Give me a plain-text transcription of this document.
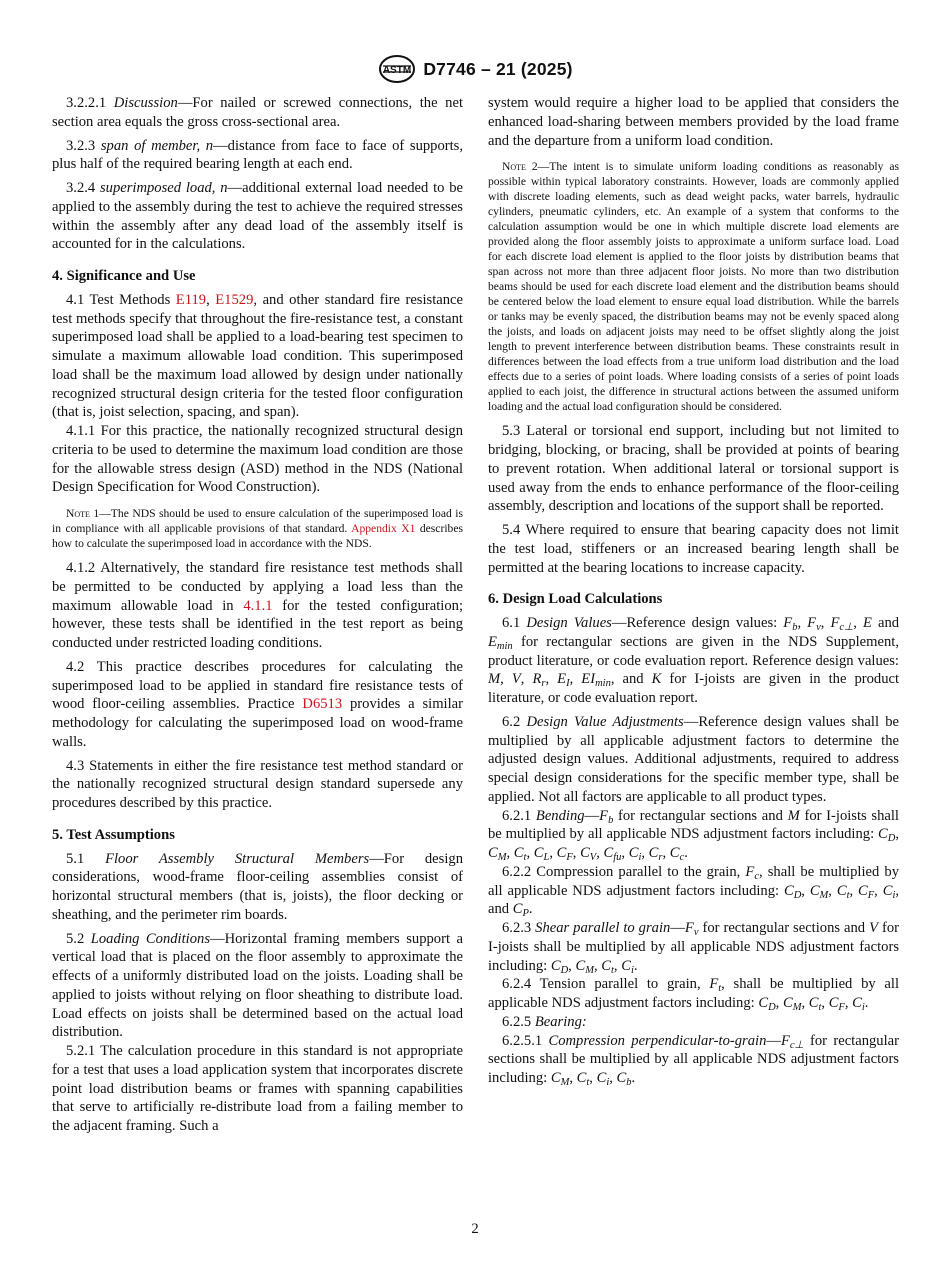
ASTM D7746 – 21 (2025)

3.2.2.1 Discussion—For nailed or screwed connections, the net section area equals the gross cross-sectional area.

3.2.3 span of member, n—distance from face to face of supports, plus half of the required bearing length at each end.

3.2.4 superimposed load, n—additional external load needed to be applied to the assembly during the test to achieve the required stresses within the assembly after any dead load of the assembly itself is accounted for in the calculations.

4. Significance and Use

4.1 Test Methods E119, E1529, and other standard fire resistance test methods specify that throughout the fire-resistance test, a constant superimposed load shall be applied to a load-bearing test specimen to simulate a maximum allowable load condition. This superimposed load shall be the maximum load allowed by design under nationally recognized structural design criteria for the tested floor configuration (that is, joist selection, spacing, and span).

4.1.1 For this practice, the nationally recognized structural design criteria to be used to determine the maximum load condition are those for the allowable stress design (ASD) method in the NDS (National Design Specification for Wood Construction).

Note 1—The NDS should be used to ensure calculation of the superimposed load is in compliance with all applicable provisions of that standard. Appendix X1 describes how to calculate the superimposed load in accordance with the NDS.

4.1.2 Alternatively, the standard fire resistance test methods shall be permitted to be conducted by applying a load less than the maximum allowable load in 4.1.1 for the tested configuration; however, these tests shall be identified in the test report as being conducted under restricted loading conditions.

4.2 This practice describes procedures for calculating the superimposed load to be applied in standard fire resistance tests of wood floor-ceiling assemblies. Practice D6513 provides a similar methodology for calculating the superimposed load on wood-frame walls.

4.3 Statements in either the fire resistance test method standard or the nationally recognized structural design standard supersede any procedures described by this practice.

5. Test Assumptions

5.1 Floor Assembly Structural Members—For design considerations, wood-frame floor-ceiling assemblies consist of horizontal structural members (that is, joists), the floor decking or sheathing, and the perimeter rim boards.

5.2 Loading Conditions—Horizontal framing members support a vertical load that is placed on the floor assembly to approximate the effects of a uniformly distributed load on the joists. Loading shall be applied to joists without relying on floor sheathing to distribute load. Load effects on joists shall be determined based on the actual load distribution.

5.2.1 The calculation procedure in this standard is not appropriate for a test that uses a load application system that incorporates discrete point load distribution beams or frames with spanning capabilities that serve to artificially re-distribute load from a failing member to the adjacent framing. Such a

system would require a higher load to be applied that considers the enhanced load-sharing between members provided by the load frame and the departure from a uniform load condition.

Note 2—The intent is to simulate uniform loading conditions as reasonably as possible within typical laboratory constraints. However, loads are commonly applied with discrete loading elements, such as dead weight packs, water barrels, hydraulic cylinders, pneumatic cylinders, etc. An example of a system that conforms to the calculation assumption would be one in which multiple discrete load elements are provided along the floor assembly joists to approximate a uniform surface load. Load for each discrete load element is applied to the floor joists by distribution beams that span across not more than three adjacent floor joists. No more than two distribution beams should be used for each discrete load element and the distribution beams should be centered below the load element to ensure equal load distribution. While the barrels or tanks may be evenly spaced, the distribution beams may not be evenly spaced along the joists, and loads on adjacent joists may need to be offset slightly along the joist length to prevent interference between distribution beams. These constraints result in differences between the load effects from a true uniform load distribution and the load effects due to a series of point loads. Where loading consists of a series of point loads applied to each joist, the difference in structural actions between the assumed uniform loading and the actual load configuration should be considered.

5.3 Lateral or torsional end support, including but not limited to bridging, blocking, or bracing, shall be provided at points of bearing to prevent rotation. When additional lateral or torsional support is used away from the ends to enhance performance of the floor-ceiling assembly, description and locations of the support shall be reported.

5.4 Where required to ensure that bearing capacity does not limit the test load, stiffeners or an increased bearing length shall be permitted at the bearing locations to increase capacity.

6. Design Load Calculations

6.1 Design Values—Reference design values: $F_b$, $F_v$, $F_{c\perp}$, E and $E_{min}$ for rectangular sections are given in the NDS Supplement, product literature, or code evaluation report. Reference design values: M, V, $R_r$, $E_I$, $EI_{min}$, and K for I-joists are given in the product literature, or code evaluation report.

6.2 Design Value Adjustments—Reference design values shall be multiplied by all applicable adjustment factors to determine the adjusted design values. Additional adjustments, required to address special design considerations for the specific member type, shall be applied. Not all factors are applicable to all product types.

6.2.1 $Bending—F_b$ for rectangular sections and M for I-joists shall be multiplied by all applicable NDS adjustment factors including: $C_D$, $C_M$, $C_t$, $C_L$, $C_F$, $C_V$, $C_{fu}$, $C_i$, $C_r$, $C_c$.

6.2.2 Compression parallel to the grain, $F_c$, shall be multiplied by all applicable NDS adjustment factors including: $C_D$, $C_M$, $C_t$, $C_F$, $C_i$, and $C_P$.

6.2.3 Shear parallel to $grain—F_v$ for rectangular sections and V for I-joists shall be multiplied by all applicable NDS adjustment factors including: $C_D$, $C_M$, $C_t$, $C_i$.

6.2.4 Tension parallel to grain, $F_t$, shall be multiplied by all applicable NDS adjustment factors including: $C_D$, $C_M$, $C_t$, $C_F$, $C_i$.

6.2.5 Bearing:

6.2.5.1 Compression perpendicular-$to-grain—F_{c\perp}$ for rectangular sections shall be multiplied by all applicable NDS adjustment factors including: $C_M$, $C_t$, $C_i$, $C_b$.

2
